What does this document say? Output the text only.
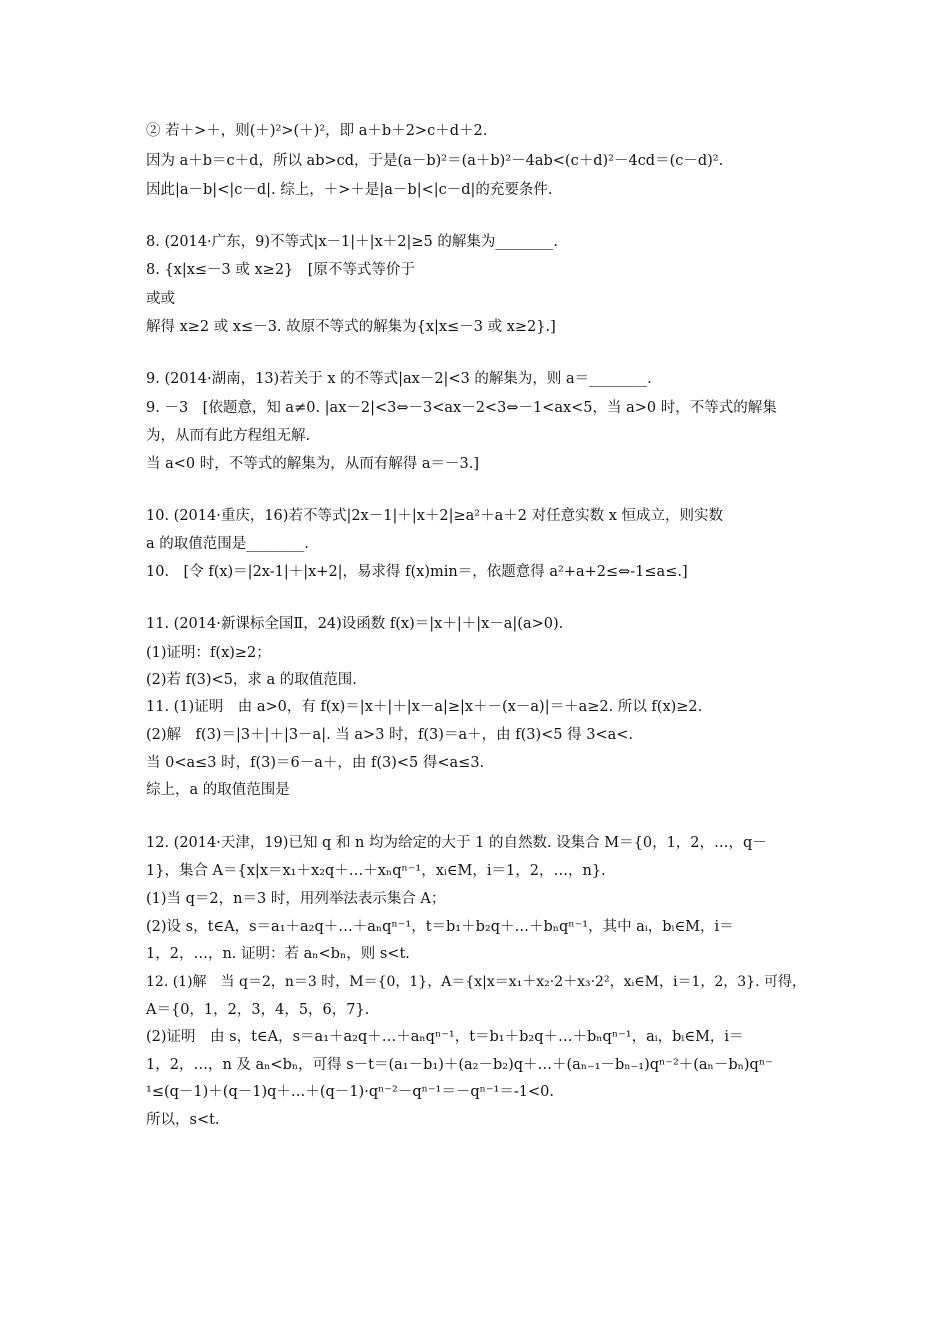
② 若＋>＋，则(＋)²>(＋)²，即 a＋b＋2>c＋d＋2.
因为 a＋b＝c＋d，所以 ab>cd，于是(a－b)²＝(a＋b)²－4ab<(c＋d)²－4cd＝(c－d)².
因此|a－b|<|c－d|. 综上，＋>＋是|a－b|<|c－d|的充要条件.
8. (2014·广东，9)不等式|x－1|＋|x＋2|≥5 的解集为________.
8. {x|x≤－3 或 x≥2}　[原不等式等价于
或或
解得 x≥2 或 x≤－3. 故原不等式的解集为{x|x≤－3 或 x≥2}.]
9. (2014·湖南，13)若关于 x 的不等式|ax－2|<3 的解集为，则 a＝________.
9. －3　[依题意，知 a≠0. |ax－2|<3⇔－3<ax－2<3⇔－1<ax<5，当 a>0 时，不等式的解集
为，从而有此方程组无解.
当 a<0 时，不等式的解集为，从而有解得 a＝－3.]
10. (2014·重庆，16)若不等式|2x－1|＋|x＋2|≥a²＋a＋2 对任意实数 x 恒成立，则实数
a 的取值范围是________.
10.　[令 f(x)＝|2x-1|＋|x+2|，易求得 f(x)min＝，依题意得 a²+a+2≤⇔-1≤a≤.]
11. (2014·新课标全国Ⅱ，24)设函数 f(x)＝|x＋|＋|x－a|(a>0).
(1)证明：f(x)≥2；
(2)若 f(3)<5，求 a 的取值范围.
11. (1)证明　由 a>0，有 f(x)＝|x＋|＋|x－a|≥|x＋－(x－a)|＝＋a≥2. 所以 f(x)≥2.
(2)解　f(3)＝|3＋|＋|3－a|. 当 a>3 时，f(3)＝a＋，由 f(3)<5 得 3<a<.
当 0<a≤3 时，f(3)＝6－a＋，由 f(3)<5 得<a≤3.
综上，a 的取值范围是
12. (2014·天津，19)已知 q 和 n 均为给定的大于 1 的自然数. 设集合 M＝{0，1，2，…，q－
1}，集合 A＝{x|x＝x₁＋x₂q＋…＋xₙqⁿ⁻¹，xᵢ∈M，i＝1，2，…，n}.
(1)当 q＝2，n＝3 时，用列举法表示集合 A；
(2)设 s，t∈A，s＝a₁＋a₂q＋…＋aₙqⁿ⁻¹，t＝b₁＋b₂q＋…＋bₙqⁿ⁻¹，其中 aᵢ，bᵢ∈M，i＝
1，2，…，n. 证明：若 aₙ<bₙ，则 s<t.
12. (1)解　当 q＝2，n＝3 时，M＝{0，1}，A＝{x|x＝x₁＋x₂·2＋x₃·2²，xᵢ∈M，i＝1，2，3}. 可得，
A＝{0，1，2，3，4，5，6，7}.
(2)证明　由 s，t∈A，s＝a₁＋a₂q＋…＋aₙqⁿ⁻¹，t＝b₁＋b₂q＋…＋bₙqⁿ⁻¹，aᵢ，bᵢ∈M，i＝
1，2，…，n 及 aₙ<bₙ，可得 s－t＝(a₁－b₁)＋(a₂－b₂)q＋…＋(aₙ₋₁－bₙ₋₁)qⁿ⁻²＋(aₙ－bₙ)qⁿ⁻
¹≤(q－1)＋(q－1)q＋…＋(q－1)·qⁿ⁻²－qⁿ⁻¹＝－qⁿ⁻¹＝-1<0.
所以，s<t.
